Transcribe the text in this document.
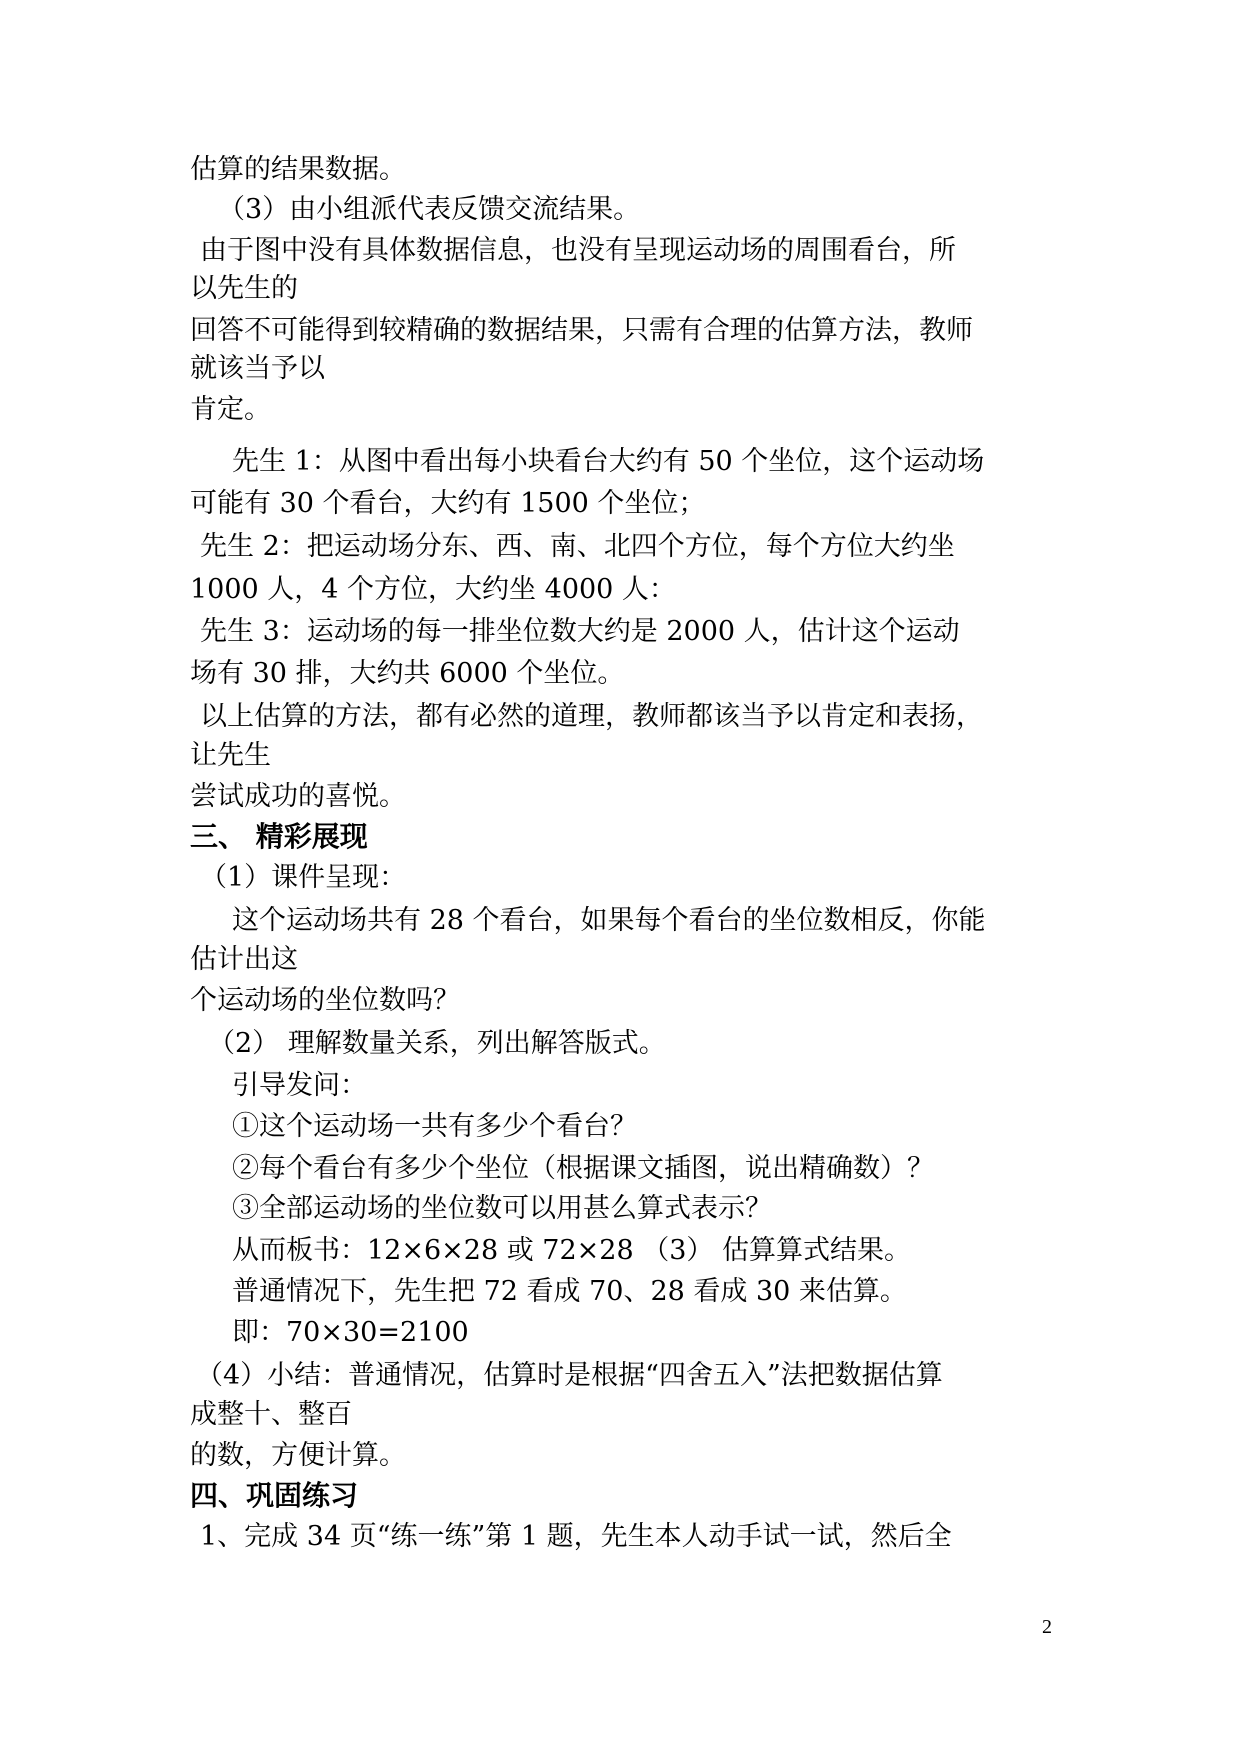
估算的结果数据。
（3）由小组派代表反馈交流结果。
由于图中没有具体数据信息，也没有呈现运动场的周围看台，所
以先生的
回答不可能得到较精确的数据结果，只需有合理的估算方法，教师
就该当予以
肯定。
先生 1：从图中看出每小块看台大约有 50 个坐位，这个运动场
可能有 30 个看台，大约有 1500 个坐位；
先生 2：把运动场分东、西、南、北四个方位，每个方位大约坐
1000 人，4 个方位，大约坐 4000 人：
先生 3：运动场的每一排坐位数大约是 2000 人，估计这个运动
场有 30 排，大约共 6000 个坐位。
以上估算的方法，都有必然的道理，教师都该当予以肯定和表扬，
让先生
尝试成功的喜悦。
三、 精彩展现
（1）课件呈现：
这个运动场共有 28 个看台，如果每个看台的坐位数相反，你能
估计出这
个运动场的坐位数吗？
（2） 理解数量关系，列出解答版式。
引导发问：
①这个运动场一共有多少个看台？
②每个看台有多少个坐位（根据课文插图，说出精确数）？
③全部运动场的坐位数可以用甚么算式表示？
从而板书：12×6×28 或 72×28 （3） 估算算式结果。
普通情况下，先生把 72 看成 70、28 看成 30 来估算。
即：70×30=2100
（4）小结：普通情况，估算时是根据“四舍五入”法把数据估算
成整十、整百
的数，方便计算。
四、巩固练习
1、完成 34 页“练一练”第 1 题，先生本人动手试一试，然后全
2
